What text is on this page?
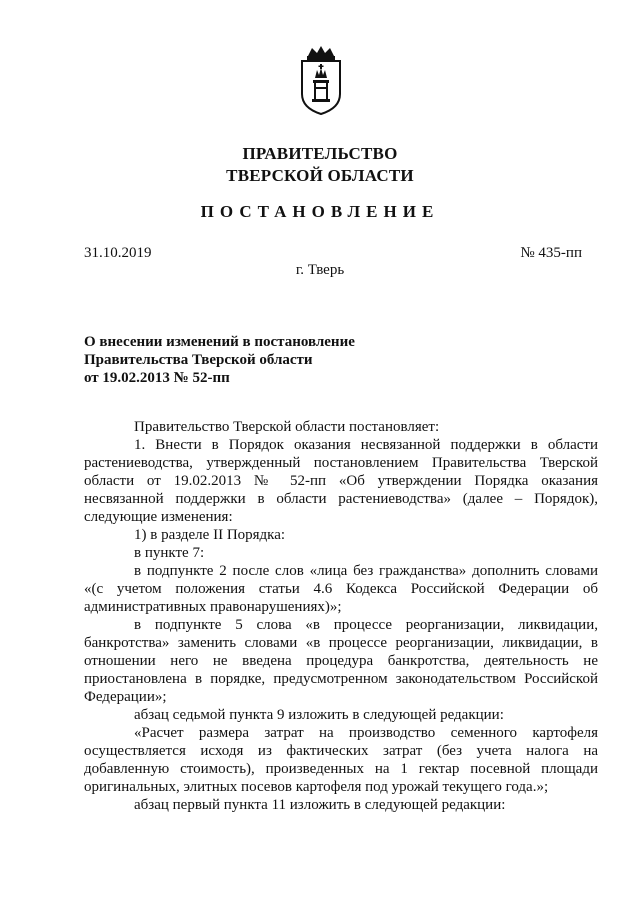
ПРАВИТЕЛЬСТВО
ТВЕРСКОЙ ОБЛАСТИ
ПОСТАНОВЛЕНИЕ
31.10.2019	№ 435-пп
г. Тверь
О внесении изменений в постановление
Правительства Тверской области
от 19.02.2013 № 52-пп

Правительство Тверской области постановляет:

1. Внести в Порядок оказания несвязанной поддержки в области растениеводства, утвержденный постановлением Правительства Тверской области от 19.02.2013 № 52-пп «Об утверждении Порядка оказания несвязанной поддержки в области растениеводства» (далее – Порядок), следующие изменения:

1) в разделе II Порядка:

в пункте 7:

в подпункте 2 после слов «лица без гражданства» дополнить словами «(с учетом положения статьи 4.6 Кодекса Российской Федерации об административных правонарушениях)»;

в подпункте 5 слова «в процессе реорганизации, ликвидации, банкротства» заменить словами «в процессе реорганизации, ликвидации, в отношении него не введена процедура банкротства, деятельность не приостановлена в порядке, предусмотренном законодательством Российской Федерации»;

абзац седьмой пункта 9 изложить в следующей редакции:

«Расчет размера затрат на производство семенного картофеля осуществляется исходя из фактических затрат (без учета налога на добавленную стоимость), произведенных на 1 гектар посевной площади оригинальных, элитных посевов картофеля под урожай текущего года.»;

абзац первый пункта 11 изложить в следующей редакции:
